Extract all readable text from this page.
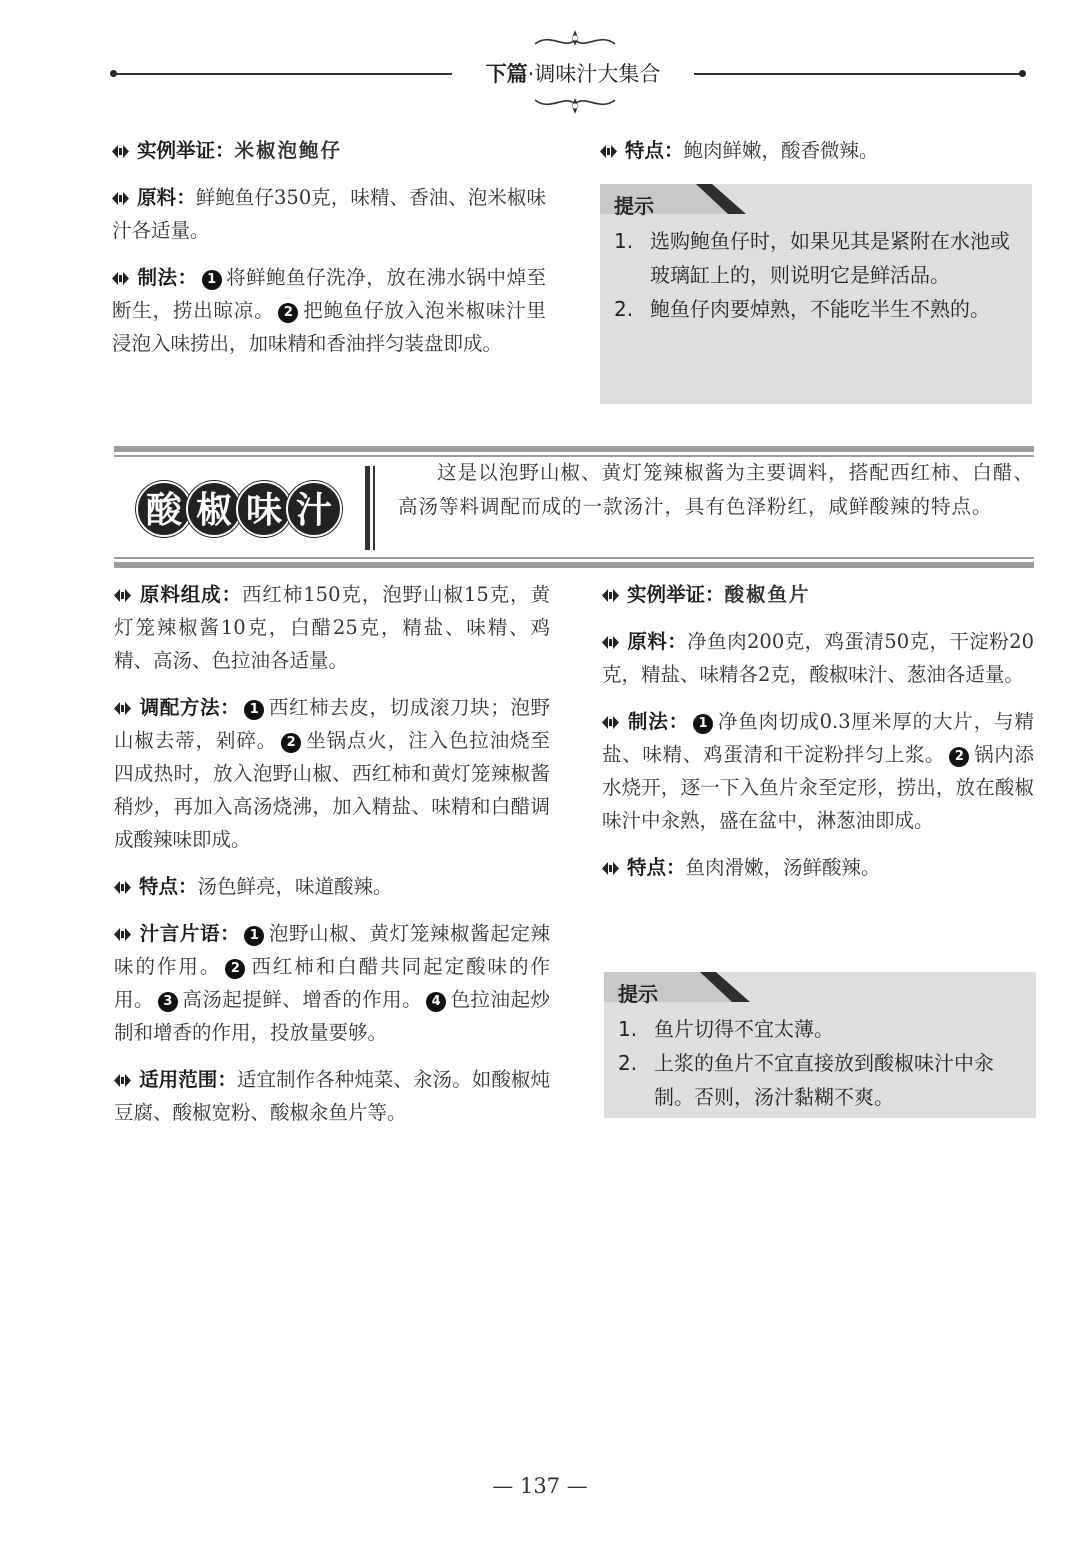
下篇·调味汁大集合
实例举证：米椒泡鲍仔
原料：鲜鲍鱼仔350克，味精、香油、泡米椒味汁各适量。
制法： 1 将鲜鲍鱼仔洗净，放在沸水锅中焯至断生，捞出晾凉。 2 把鲍鱼仔放入泡米椒味汁里浸泡入味捞出，加味精和香油拌匀装盘即成。
特点：鲍肉鲜嫩，酸香微辣。
提示
1. 选购鲍鱼仔时，如果见其是紧附在水池或玻璃缸上的，则说明它是鲜活品。
2. 鲍鱼仔肉要焯熟，不能吃半生不熟的。
酸 椒 味 汁
这是以泡野山椒、黄灯笼辣椒酱为主要调料，搭配西红柿、白醋、高汤等料调配而成的一款汤汁，具有色泽粉红，咸鲜酸辣的特点。
原料组成：西红柿150克，泡野山椒15克，黄灯笼辣椒酱10克，白醋25克，精盐、味精、鸡精、高汤、色拉油各适量。
调配方法： 1 西红柿去皮，切成滚刀块；泡野山椒去蒂，剁碎。 2 坐锅点火，注入色拉油烧至四成热时，放入泡野山椒、西红柿和黄灯笼辣椒酱稍炒，再加入高汤烧沸，加入精盐、味精和白醋调成酸辣味即成。
特点：汤色鲜亮，味道酸辣。
汁言片语： 1 泡野山椒、黄灯笼辣椒酱起定辣味的作用。 2 西红柿和白醋共同起定酸味的作用。 3 高汤起提鲜、增香的作用。 4 色拉油起炒制和增香的作用，投放量要够。
适用范围：适宜制作各种炖菜、汆汤。如酸椒炖豆腐、酸椒宽粉、酸椒汆鱼片等。
实例举证：酸椒鱼片
原料：净鱼肉200克，鸡蛋清50克，干淀粉20克，精盐、味精各2克，酸椒味汁、葱油各适量。
制法： 1 净鱼肉切成0.3厘米厚的大片，与精盐、味精、鸡蛋清和干淀粉拌匀上浆。 2 锅内添水烧开，逐一下入鱼片汆至定形，捞出，放在酸椒味汁中汆熟，盛在盆中，淋葱油即成。
特点：鱼肉滑嫩，汤鲜酸辣。
提示
1. 鱼片切得不宜太薄。
2. 上浆的鱼片不宜直接放到酸椒味汁中汆制。否则，汤汁黏糊不爽。
— 137 —
